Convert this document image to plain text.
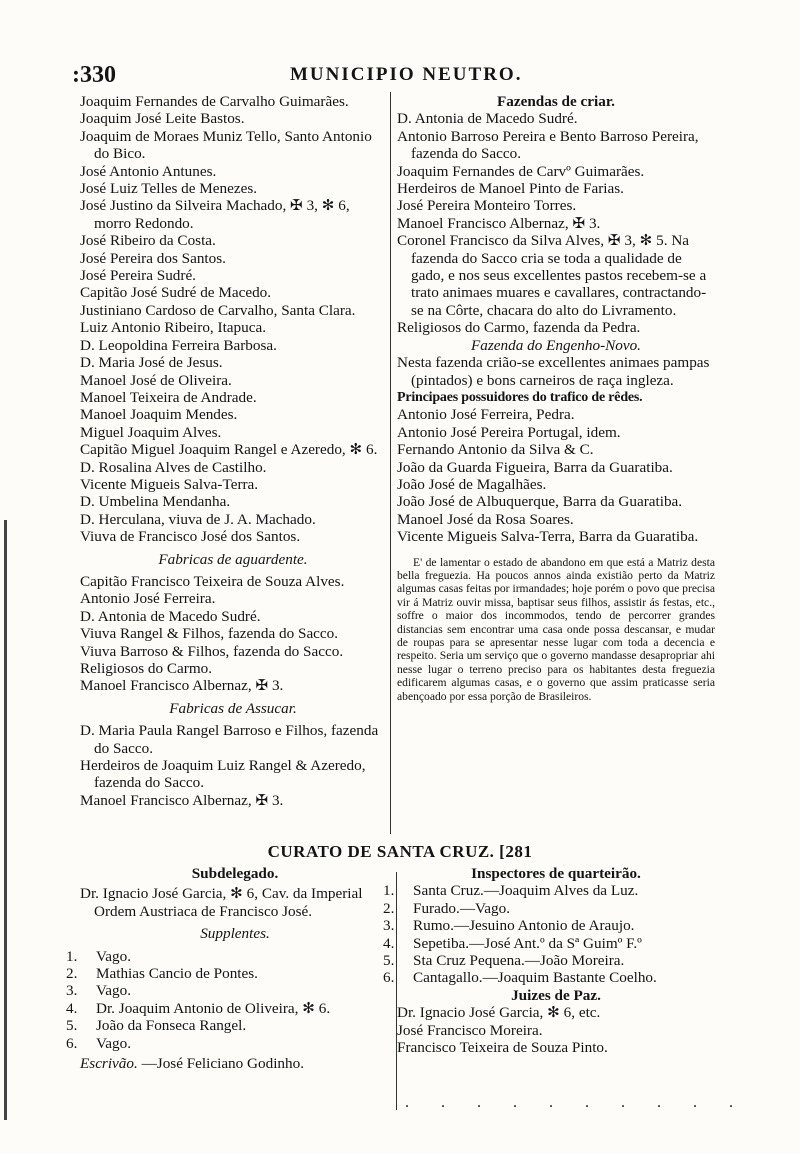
:330	MUNICIPIO NEUTRO.
Joaquim Fernandes de Carvalho Guimarães.
Joaquim José Leite Bastos.
Joaquim de Moraes Muniz Tello, Santo Antonio do Bico.
José Antonio Antunes.
José Luiz Telles de Menezes.
José Justino da Silveira Machado, ✠ 3, ✻ 6, morro Redondo.
José Ribeiro da Costa.
José Pereira dos Santos.
José Pereira Sudré.
Capitão José Sudré de Macedo.
Justiniano Cardoso de Carvalho, Santa Clara.
Luiz Antonio Ribeiro, Itapuca.
D. Leopoldina Ferreira Barbosa.
D. Maria José de Jesus.
Manoel José de Oliveira.
Manoel Teixeira de Andrade.
Manoel Joaquim Mendes.
Miguel Joaquim Alves.
Capitão Miguel Joaquim Rangel e Azeredo, ✻ 6.
D. Rosalina Alves de Castilho.
Vicente Migueis Salva-Terra.
D. Umbelina Mendanha.
D. Herculana, viuva de J. A. Machado.
Viuva de Francisco José dos Santos.

Fabricas de aguardente.

Capitão Francisco Teixeira de Souza Alves.
Antonio José Ferreira.
D. Antonia de Macedo Sudré.
Viuva Rangel & Filhos, fazenda do Sacco.
Viuva Barroso & Filhos, fazenda do Sacco.
Religiosos do Carmo.
Manoel Francisco Albernaz, ✠ 3.

Fabricas de Assucar.

D. Maria Paula Rangel Barroso e Filhos, fazenda do Sacco.
Herdeiros de Joaquim Luiz Rangel & Azeredo, fazenda do Sacco.
Manoel Francisco Albernaz, ✠ 3.
Fazendas de criar.
D. Antonia de Macedo Sudré.
Antonio Barroso Pereira e Bento Barroso Pereira, fazenda do Sacco.
Joaquim Fernandes de Carvº Guimarães.
Herdeiros de Manoel Pinto de Farias.
José Pereira Monteiro Torres.
Manoel Francisco Albernaz, ✠ 3.
Coronel Francisco da Silva Alves, ✠ 3, ✻ 5. Na fazenda do Sacco cria se toda a qualidade de gado, e nos seus excellentes pastos recebem-se a trato animaes muares e cavallares, contractando-se na Côrte, chacara do alto do Livramento.
Religiosos do Carmo, fazenda da Pedra.

Fazenda do Engenho-Novo.

Nesta fazenda crião-se excellentes animaes pampas (pintados) e bons carneiros de raça ingleza.
Principaes possuidores do trafico de rêdes.
Antonio José Ferreira, Pedra.
Antonio José Pereira Portugal, idem.
Fernando Antonio da Silva & C.
João da Guarda Figueira, Barra da Guaratiba.
João José de Magalhães.
João José de Albuquerque, Barra da Guaratiba.
Manoel José da Rosa Soares.
Vicente Migueis Salva-Terra, Barra da Guaratiba.

E' de lamentar o estado de abandono em que está a Matriz desta bella freguezia. Ha poucos annos ainda existião perto da Matriz algumas casas feitas por irmandades; hoje porém o povo que precisa vir á Matriz ouvir missa, baptisar seus filhos, assistir ás festas, etc., soffre o maior dos incommodos, tendo de percorrer grandes distancias sem encontrar uma casa onde possa descansar, e mudar de roupas para se apresentar nesse lugar com toda a decencia e respeito. Seria um serviço que o governo mandasse desapropriar ahi nesse lugar o terreno preciso para os habitantes desta freguezia edificarem algumas casas, e o governo que assim praticasse seria abençoado por essa porção de Brasileiros.

CURATO DE SANTA CRUZ. [281
Subdelegado.
Dr. Ignacio José Garcia, ✻ 6, Cav. da Imperial Ordem Austriaca de Francisco José.

Supplentes.

1. Vago.
2. Mathias Cancio de Pontes.
3. Vago.
4. Dr. Joaquim Antonio de Oliveira, ✻ 6.
5. João da Fonseca Rangel.
6. Vago.
Escrivão. —José Feliciano Godinho.
Inspectores de quarteirão.
1. Santa Cruz.—Joaquim Alves da Luz.
2. Furado.—Vago.
3. Rumo.—Jesuino Antonio de Araujo.
4. Sepetiba.—José Ant.º da Sª Guimº F.º
5. Sta Cruz Pequena.—João Moreira.
6. Cantagallo.—Joaquim Bastante Coelho.
Juizes de Paz.
Dr. Ignacio José Garcia, ✻ 6, etc.
José Francisco Moreira.
Francisco Teixeira de Souza Pinto.
. . . . . . . . . .
